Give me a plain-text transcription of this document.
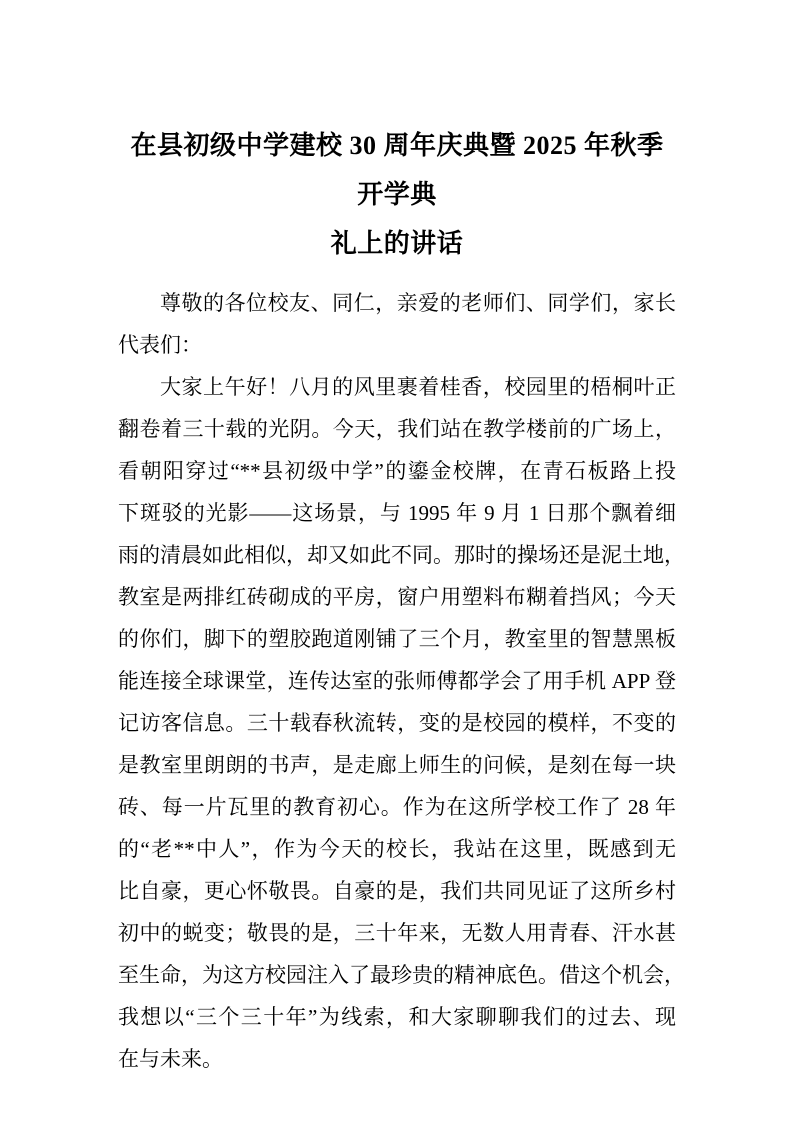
在县初级中学建校 30 周年庆典暨 2025 年秋季开学典
礼上的讲话
尊敬的各位校友、同仁，亲爱的老师们、同学们，家长
代表们：
大家上午好！八月的风里裹着桂香，校园里的梧桐叶正
翻卷着三十载的光阴。今天，我们站在教学楼前的广场上，
看朝阳穿过“**县初级中学”的鎏金校牌，在青石板路上投
下斑驳的光影——这场景，与 1995 年 9 月 1 日那个飘着细
雨的清晨如此相似，却又如此不同。那时的操场还是泥土地，
教室是两排红砖砌成的平房，窗户用塑料布糊着挡风；今天
的你们，脚下的塑胶跑道刚铺了三个月，教室里的智慧黑板
能连接全球课堂，连传达室的张师傅都学会了用手机 APP 登
记访客信息。三十载春秋流转，变的是校园的模样，不变的
是教室里朗朗的书声，是走廊上师生的问候，是刻在每一块
砖、每一片瓦里的教育初心。作为在这所学校工作了 28 年
的“老**中人”，作为今天的校长，我站在这里，既感到无
比自豪，更心怀敬畏。自豪的是，我们共同见证了这所乡村
初中的蜕变；敬畏的是，三十年来，无数人用青春、汗水甚
至生命，为这方校园注入了最珍贵的精神底色。借这个机会，
我想以“三个三十年”为线索，和大家聊聊我们的过去、现
在与未来。
